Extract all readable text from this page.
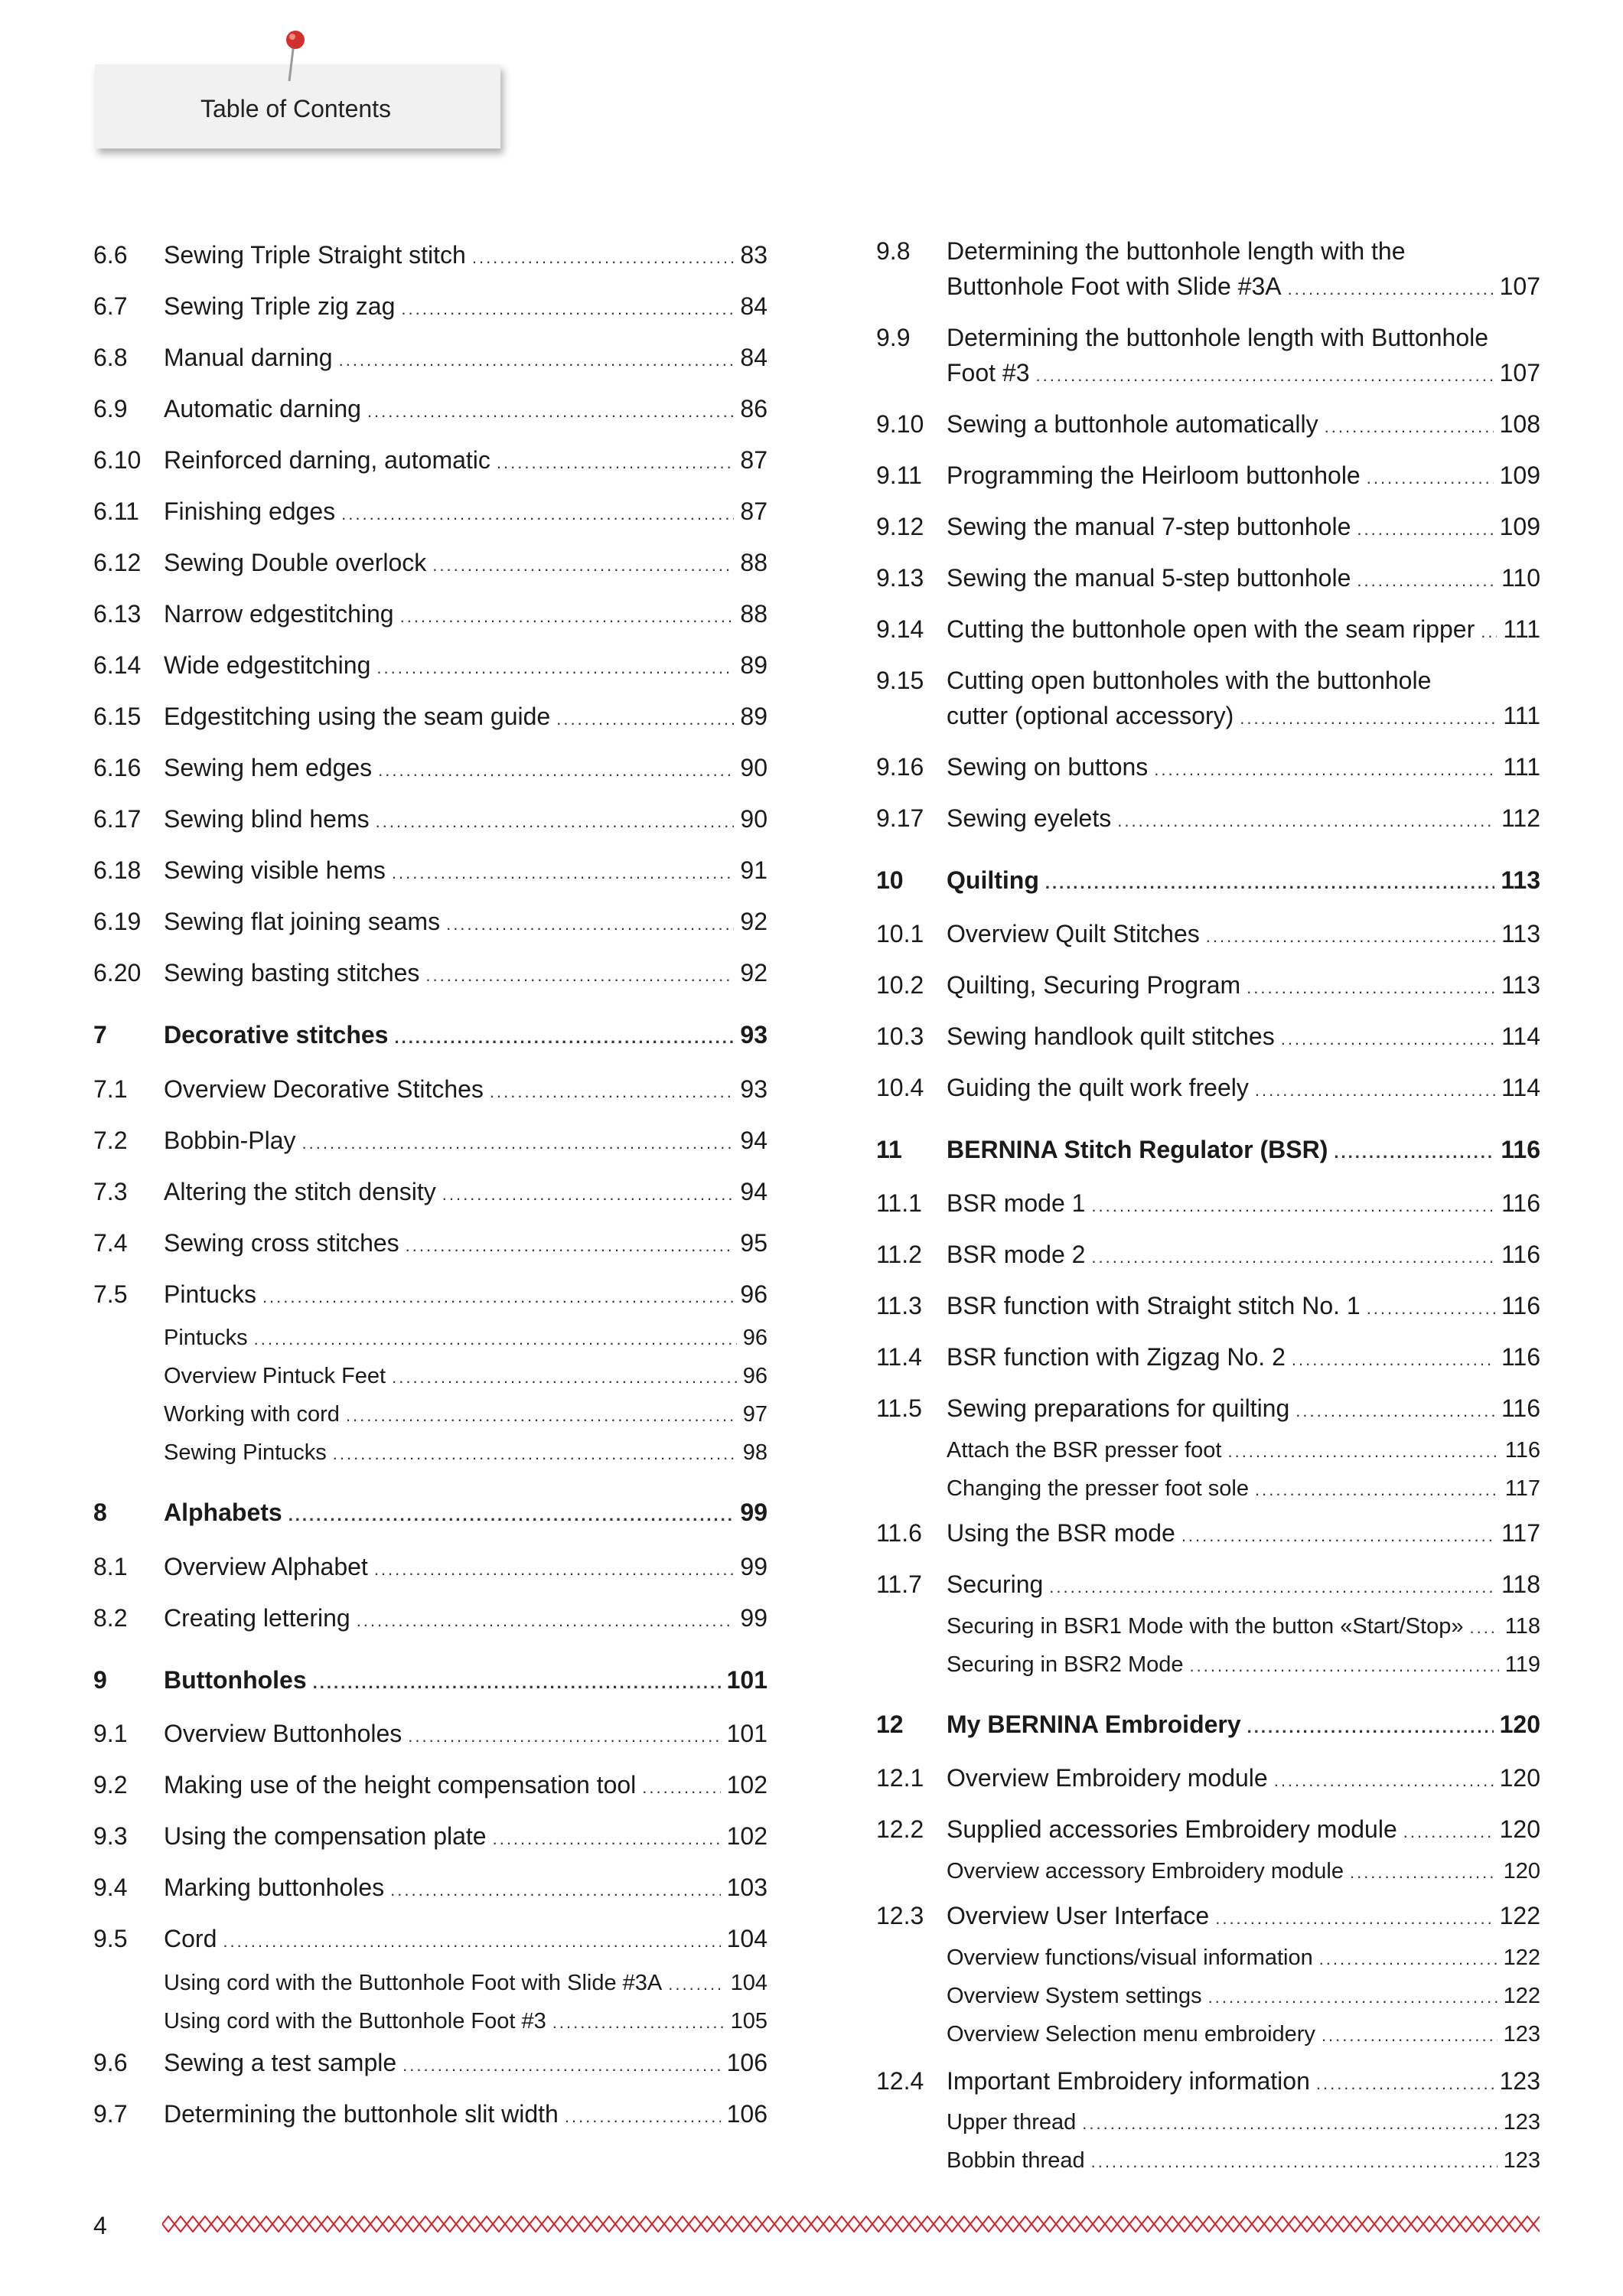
Table of Contents
6.6 Sewing Triple Straight stitch .....	83
6.7 Sewing Triple zig zag .....	84
6.8 Manual darning .....	84
6.9 Automatic darning .....	86
6.10 Reinforced darning, automatic .....	87
6.11 Finishing edges .....	87
6.12 Sewing Double overlock .....	88
6.13 Narrow edgestitching .....	88
6.14 Wide edgestitching .....	89
6.15 Edgestitching using the seam guide .....	89
6.16 Sewing hem edges .....	90
6.17 Sewing blind hems .....	90
6.18 Sewing visible hems .....	91
6.19 Sewing flat joining seams .....	92
6.20 Sewing basting stitches .....	92
7 Decorative stitches .....	93
7.1 Overview Decorative Stitches .....	93
7.2 Bobbin-Play .....	94
7.3 Altering the stitch density .....	94
7.4 Sewing cross stitches .....	95
7.5 Pintucks .....	96
Pintucks .....	96
Overview Pintuck Feet .....	96
Working with cord .....	97
Sewing Pintucks .....	98
8 Alphabets .....	99
8.1 Overview Alphabet .....	99
8.2 Creating lettering .....	99
9 Buttonholes .....	101
9.1 Overview Buttonholes .....	101
9.2 Making use of the height compensation tool .....	102
9.3 Using the compensation plate .....	102
9.4 Marking buttonholes .....	103
9.5 Cord .....	104
Using cord with the Buttonhole Foot with Slide #3A .....	104
Using cord with the Buttonhole Foot #3 .....	105
9.6 Sewing a test sample .....	106
9.7 Determining the buttonhole slit width .....	106
9.8 Determining the buttonhole length with the
Buttonhole Foot with Slide #3A .....	107
9.9 Determining the buttonhole length with Buttonhole
Foot #3 .....	107
9.10 Sewing a buttonhole automatically .....	108
9.11 Programming the Heirloom buttonhole .....	109
9.12 Sewing the manual 7-step buttonhole .....	109
9.13 Sewing the manual 5-step buttonhole .....	110
9.14 Cutting the buttonhole open with the seam ripper ..... 111
9.15 Cutting open buttonholes with the buttonhole
cutter (optional accessory) .....	111
9.16 Sewing on buttons .....	111
9.17 Sewing eyelets .....	112
10 Quilting .....	113
10.1 Overview Quilt Stitches .....	113
10.2 Quilting, Securing Program .....	113
10.3 Sewing handlook quilt stitches .....	114
10.4 Guiding the quilt work freely .....	114
11 BERNINA Stitch Regulator (BSR) .....	116
11.1 BSR mode 1 .....	116
11.2 BSR mode 2 .....	116
11.3 BSR function with Straight stitch No. 1 .....	116
11.4 BSR function with Zigzag No. 2 .....	116
11.5 Sewing preparations for quilting .....	116
Attach the BSR presser foot .....	116
Changing the presser foot sole .....	117
11.6 Using the BSR mode .....	117
11.7 Securing .....	118
Securing in BSR1 Mode with the button «Start/Stop» ..... 118
Securing in BSR2 Mode .....	119
12 My BERNINA Embroidery .....	120
12.1 Overview Embroidery module .....	120
12.2 Supplied accessories Embroidery module .....	120
Overview accessory Embroidery module .....	120
12.3 Overview User Interface .....	122
Overview functions/visual information .....	122
Overview System settings .....	122
Overview Selection menu embroidery .....	123
12.4 Important Embroidery information .....	123
Upper thread .....	123
Bobbin thread .....	123
4
